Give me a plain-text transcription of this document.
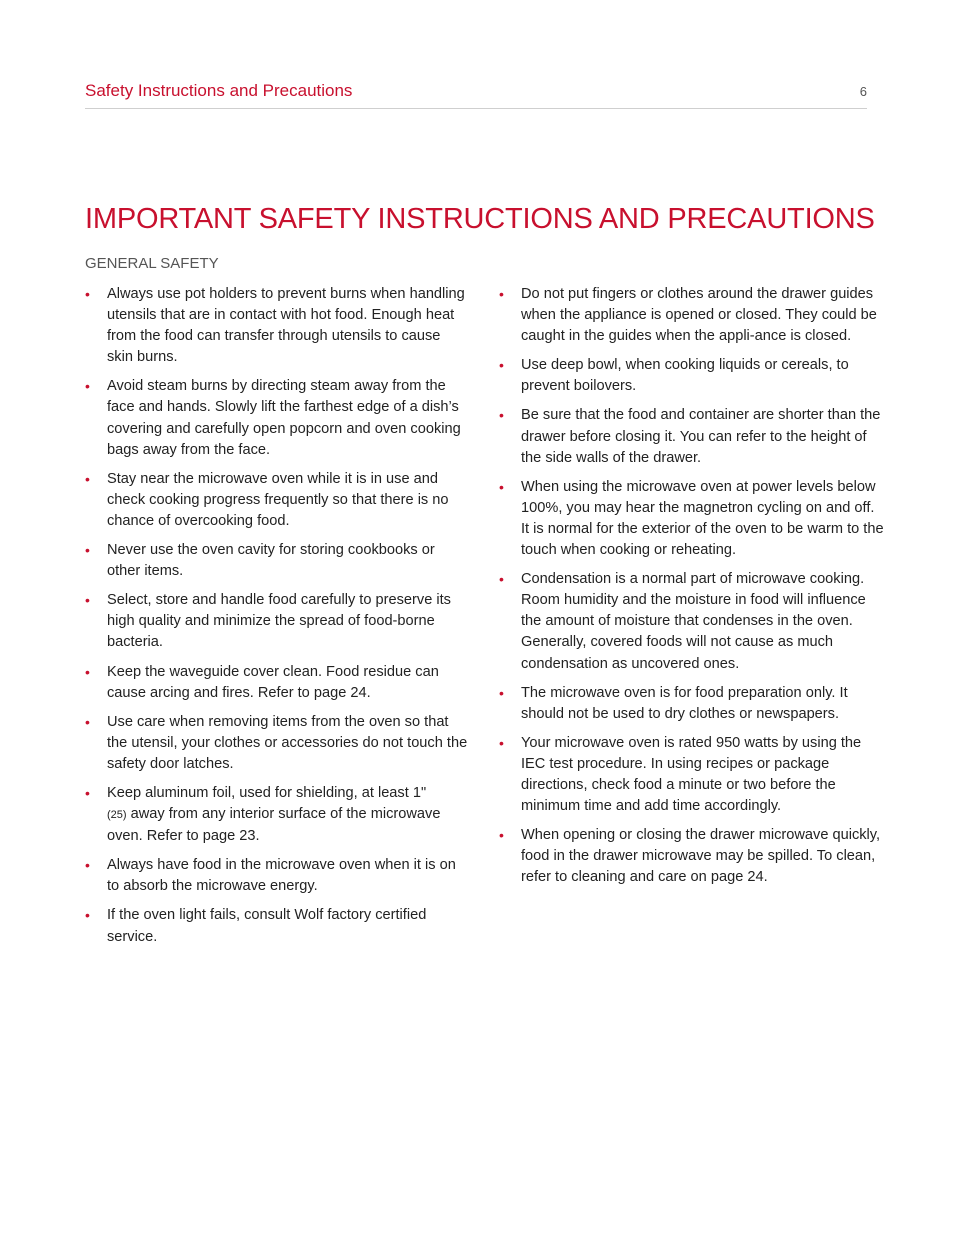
Safety Instructions and Precautions	6
IMPORTANT SAFETY INSTRUCTIONS AND PRECAUTIONS
GENERAL SAFETY
• Always use pot holders to prevent burns when handling utensils that are in contact with hot food. Enough heat from the food can transfer through utensils to cause skin burns.
• Avoid steam burns by directing steam away from the face and hands. Slowly lift the farthest edge of a dish’s covering and carefully open popcorn and oven cooking bags away from the face.
• Stay near the microwave oven while it is in use and check cooking progress frequently so that there is no chance of overcooking food.
• Never use the oven cavity for storing cookbooks or other items.
• Select, store and handle food carefully to preserve its high quality and minimize the spread of food-borne bacteria.
• Keep the waveguide cover clean. Food residue can cause arcing and fires. Refer to page 24.
• Use care when removing items from the oven so that the utensil, your clothes or accessories do not touch the safety door latches.
• Keep aluminum foil, used for shielding, at least 1"
(25) away from any interior surface of the microwave oven. Refer to page 23.
• Always have food in the microwave oven when it is on to absorb the microwave energy.
• If the oven light fails, consult Wolf factory certified service.
• Do not put fingers or clothes around the drawer guides when the appliance is opened or closed. They could be caught in the guides when the appli-ance is closed.
• Use deep bowl, when cooking liquids or cereals, to prevent boilovers.
• Be sure that the food and container are shorter than the drawer before closing it. You can refer to the height of the side walls of the drawer.
• When using the microwave oven at power levels below 100%, you may hear the magnetron cycling on and off. It is normal for the exterior of the oven to be warm to the touch when cooking or reheating.
• Condensation is a normal part of microwave cooking. Room humidity and the moisture in food will influence the amount of moisture that condenses in the oven. Generally, covered foods will not cause as much condensation as uncovered ones.
• The microwave oven is for food preparation only. It should not be used to dry clothes or newspapers.
• Your microwave oven is rated 950 watts by using the IEC test procedure. In using recipes or package directions, check food a minute or two before the minimum time and add time accordingly.
• When opening or closing the drawer microwave quickly, food in the drawer microwave may be spilled. To clean, refer to cleaning and care on page 24.
